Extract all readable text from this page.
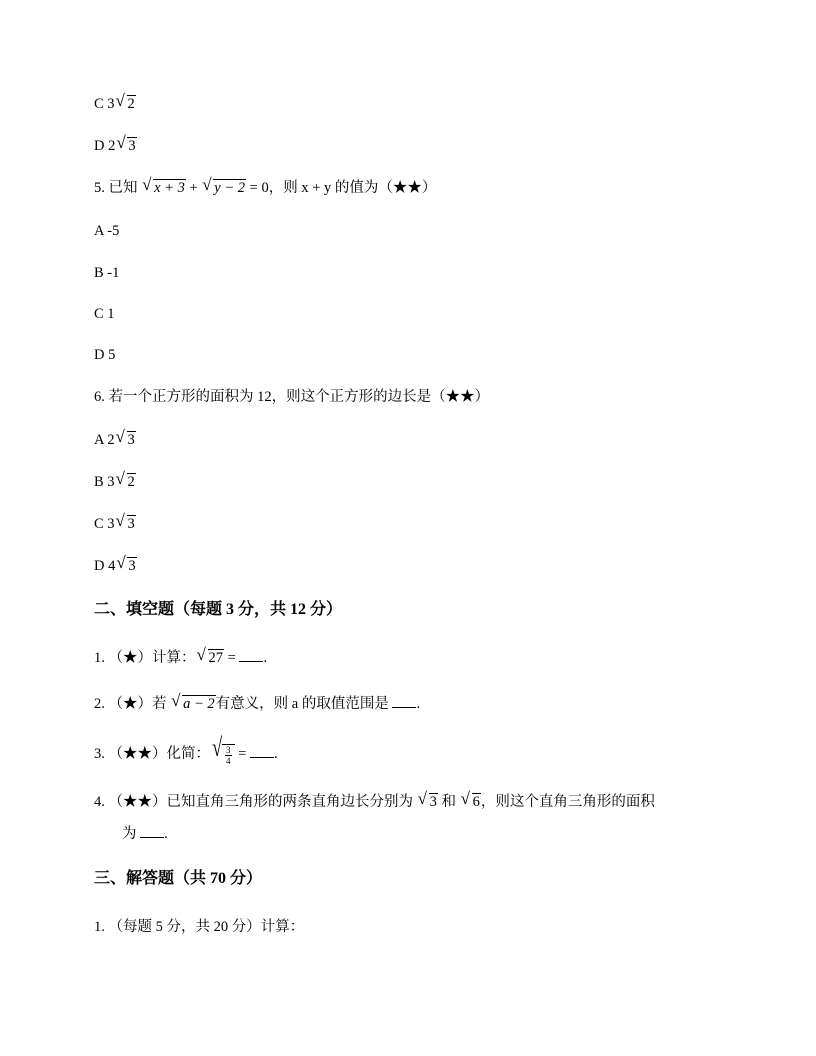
C 3 √ 2
D 2 √ 3
5. 已知 √ x + 3 + √ y − 2 = 0，则 x + y 的值为（★★）
A -5
B -1
C 1
D 5
6. 若一个正方形的面积为 12，则这个正方形的边长是（★★）
A 2 √ 3
B 3 √ 2
C 3 √ 3
D 4 √ 3
二、填空题（每题 3 分，共 12 分）
1. （★）计算： √ 27 = .
2. （★）若 √ a − 2有意义，则 a 的取值范围是 .
3. （★★）化简： √ $\frac{3}{4}$ = .
4. （★★）已知直角三角形的两条直角边长分别为 √ 3 和 √ 6，则这个直角三角形的面积
为 .
三、解答题（共 70 分）
1. （每题 5 分，共 20 分）计算：
